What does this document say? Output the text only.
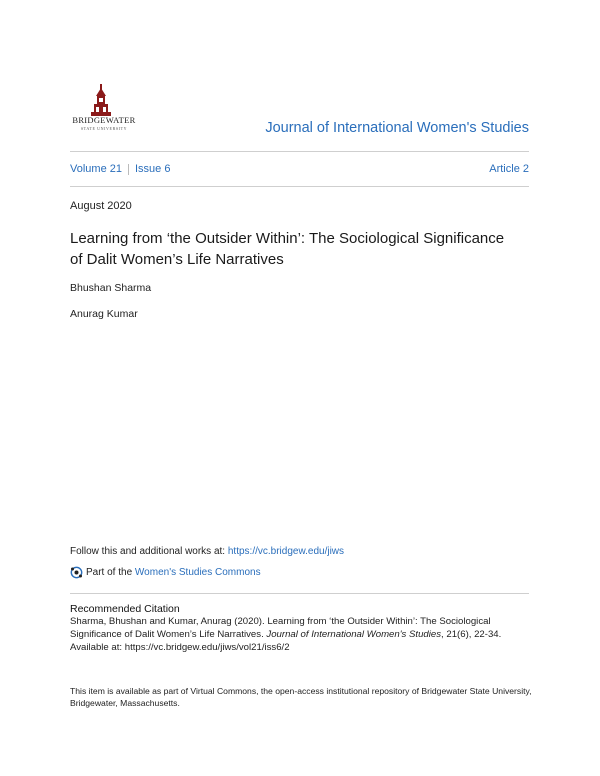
BRIDGEWATER
STATE UNIVERSITY	Journal of International Women's Studies
Volume 21 Issue 6	Article 2
August 2020
Learning from ‘the Outsider Within’: The Sociological Significance
of Dalit Women’s Life Narratives
Bhushan Sharma
Anurag Kumar
Follow this and additional works at: https://vc.bridgew.edu/jiws
Part of the
Women's Studies Commons
Recommended Citation
Sharma, Bhushan and Kumar, Anurag (2020). Learning from ‘the Outsider Within’: The Sociological Significance of Dalit Women’s Life Narratives. Journal of International Women's Studies, 21(6), 22-34.
Available at: https://vc.bridgew.edu/jiws/vol21/iss6/2
This item is available as part of Virtual Commons, the open-access institutional repository of Bridgewater State University, Bridgewater, Massachusetts.
